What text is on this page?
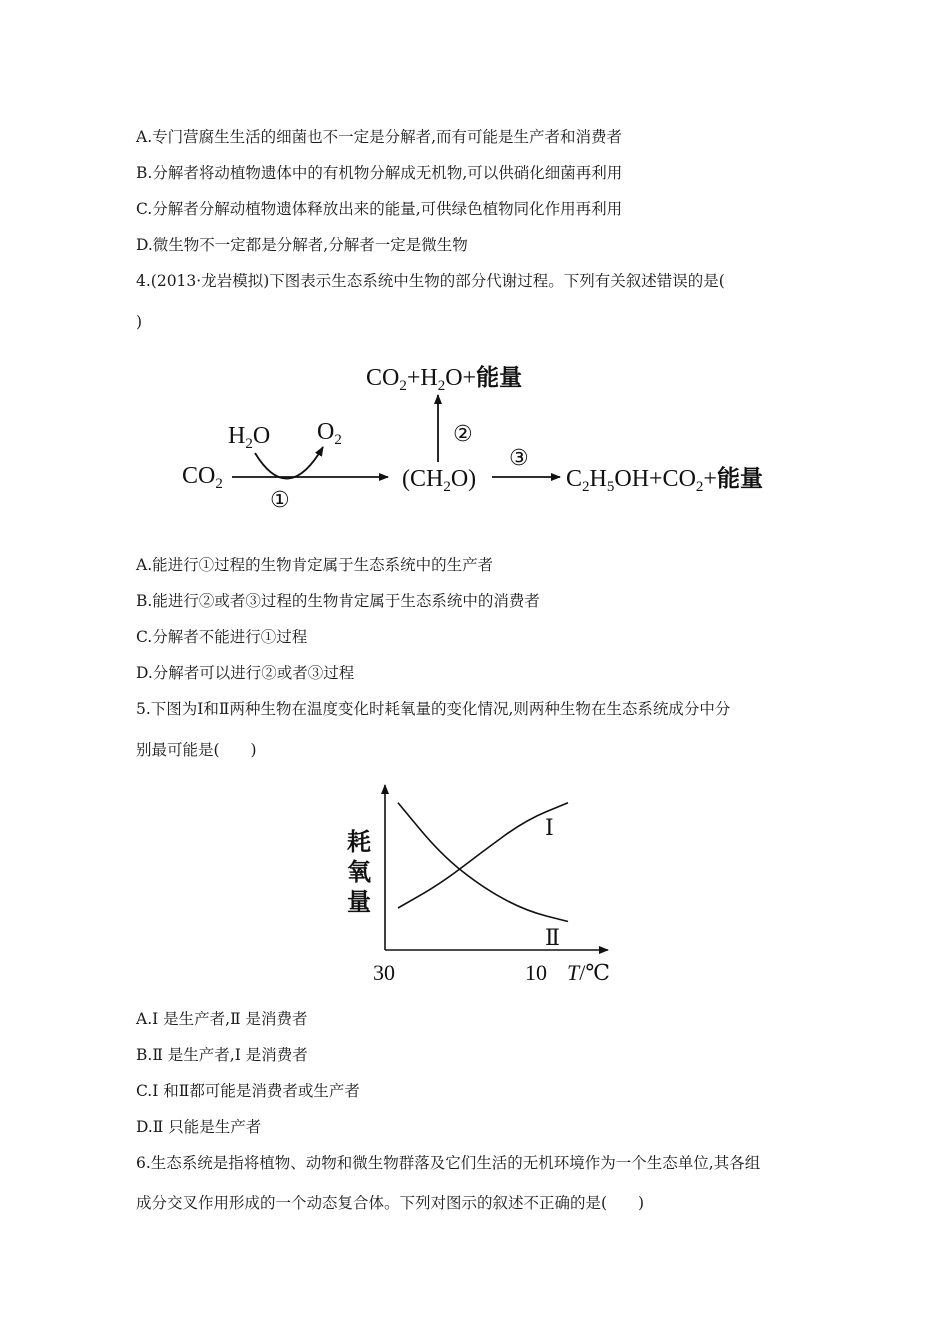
A.专门营腐生生活的细菌也不一定是分解者,而有可能是生产者和消费者
B.分解者将动植物遗体中的有机物分解成无机物,可以供硝化细菌再利用
C.分解者分解动植物遗体释放出来的能量,可供绿色植物同化作用再利用
D.微生物不一定都是分解者,分解者一定是微生物
4.(2013·龙岩模拟)下图表示生态系统中生物的部分代谢过程。下列有关叙述错误的是(
)
$CO_2$
$H_2O$ $O_2$
①
$(CH_2O)$
②
$CO_2+H_2O+$能量
③
$C_2H_5OH+CO_2+$能量
A.能进行①过程的生物肯定属于生态系统中的生产者
B.能进行②或者③过程的生物肯定属于生态系统中的消费者
C.分解者不能进行①过程
D.分解者可以进行②或者③过程
5.下图为Ⅰ和Ⅱ两种生物在温度变化时耗氧量的变化情况,则两种生物在生态系统成分中分
别最可能是(　　)
耗
氧
量
30	10 T/℃
Ⅰ
Ⅱ
A.Ⅰ 是生产者,Ⅱ 是消费者
B.Ⅱ 是生产者,Ⅰ 是消费者
C.Ⅰ 和Ⅱ都可能是消费者或生产者
D.Ⅱ 只能是生产者
6.生态系统是指将植物、动物和微生物群落及它们生活的无机环境作为一个生态单位,其各组
成分交叉作用形成的一个动态复合体。下列对图示的叙述不正确的是(　　)
